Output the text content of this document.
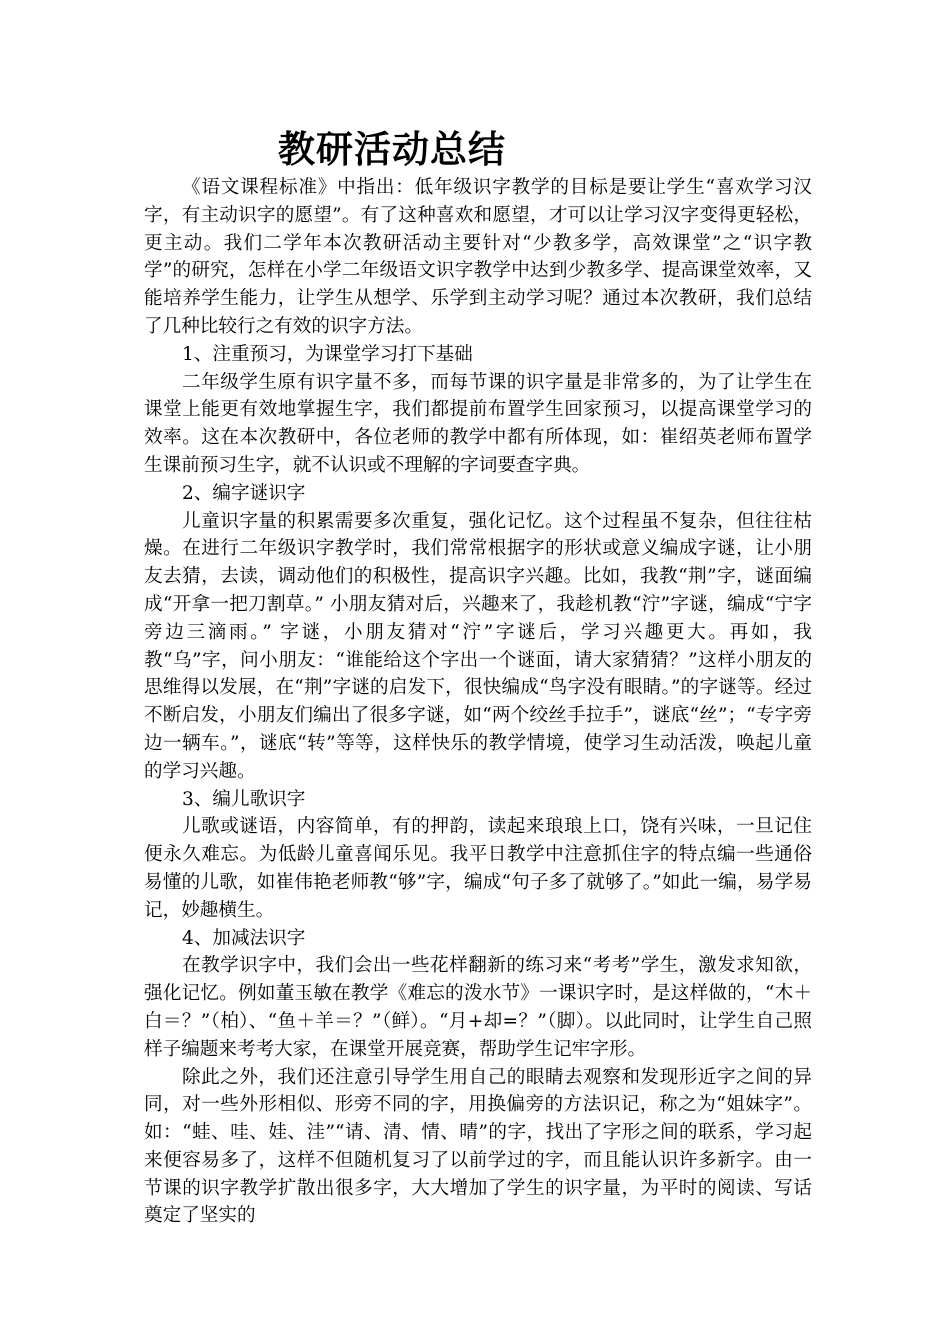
教研活动总结

《语文课程标准》中指出：低年级识字教学的目标是要让学生“喜欢学习汉字，有主动识字的愿望”。有了这种喜欢和愿望，才可以让学习汉字变得更轻松，更主动。我们二学年本次教研活动主要针对“少教多学，高效课堂”之“识字教学”的研究，怎样在小学二年级语文识字教学中达到少教多学、提高课堂效率，又能培养学生能力，让学生从想学、乐学到主动学习呢？通过本次教研，我们总结了几种比较行之有效的识字方法。

1、注重预习，为课堂学习打下基础

二年级学生原有识字量不多，而每节课的识字量是非常多的，为了让学生在课堂上能更有效地掌握生字，我们都提前布置学生回家预习，以提高课堂学习的效率。这在本次教研中，各位老师的教学中都有所体现，如：崔绍英老师布置学生课前预习生字，就不认识或不理解的字词要查字典。

2、编字谜识字

儿童识字量的积累需要多次重复，强化记忆。这个过程虽不复杂，但往往枯燥。在进行二年级识字教学时，我们常常根据字的形状或意义编成字谜，让小朋友去猜，去读，调动他们的积极性，提高识字兴趣。比如，我教“荆”字，谜面编成“开拿一把刀割草。” 小朋友猜对后，兴趣来了，我趁机教“泞”字谜，编成“宁字旁边三滴雨。” 字谜，小朋友猜对“泞”字谜后，学习兴趣更大。再如，我教“乌”字，问小朋友：“谁能给这个字出一个谜面，请大家猜猜？”这样小朋友的思维得以发展，在“荆”字谜的启发下，很快编成“鸟字没有眼睛。”的字谜等。经过不断启发，小朋友们编出了很多字谜，如“两个绞丝手拉手”，谜底“丝”；“专字旁边一辆车。”，谜底“转”等等，这样快乐的教学情境，使学习生动活泼，唤起儿童的学习兴趣。

3、编儿歌识字

儿歌或谜语，内容简单，有的押韵，读起来琅琅上口，饶有兴味，一旦记住便永久难忘。为低龄儿童喜闻乐见。我平日教学中注意抓住字的特点编一些通俗易懂的儿歌，如崔伟艳老师教“够”字，编成“句子多了就够了。”如此一编，易学易记，妙趣横生。

4、加减法识字

在教学识字中，我们会出一些花样翻新的练习来“考考”学生，激发求知欲，强化记忆。例如董玉敏在教学《难忘的泼水节》一课识字时，是这样做的，“木＋白＝？”（柏）、“鱼＋羊＝？”（鲜）。“月+却=？”（脚）。以此同时，让学生自己照样子编题来考考大家，在课堂开展竞赛，帮助学生记牢字形。

除此之外，我们还注意引导学生用自己的眼睛去观察和发现形近字之间的异同，对一些外形相似、形旁不同的字，用换偏旁的方法识记，称之为“姐妹字”。如：“蛙、哇、娃、洼”“请、清、情、晴”的字，找出了字形之间的联系，学习起来便容易多了，这样不但随机复习了以前学过的字，而且能认识许多新字。由一节课的识字教学扩散出很多字，大大增加了学生的识字量，为平时的阅读、写话奠定了坚实的
